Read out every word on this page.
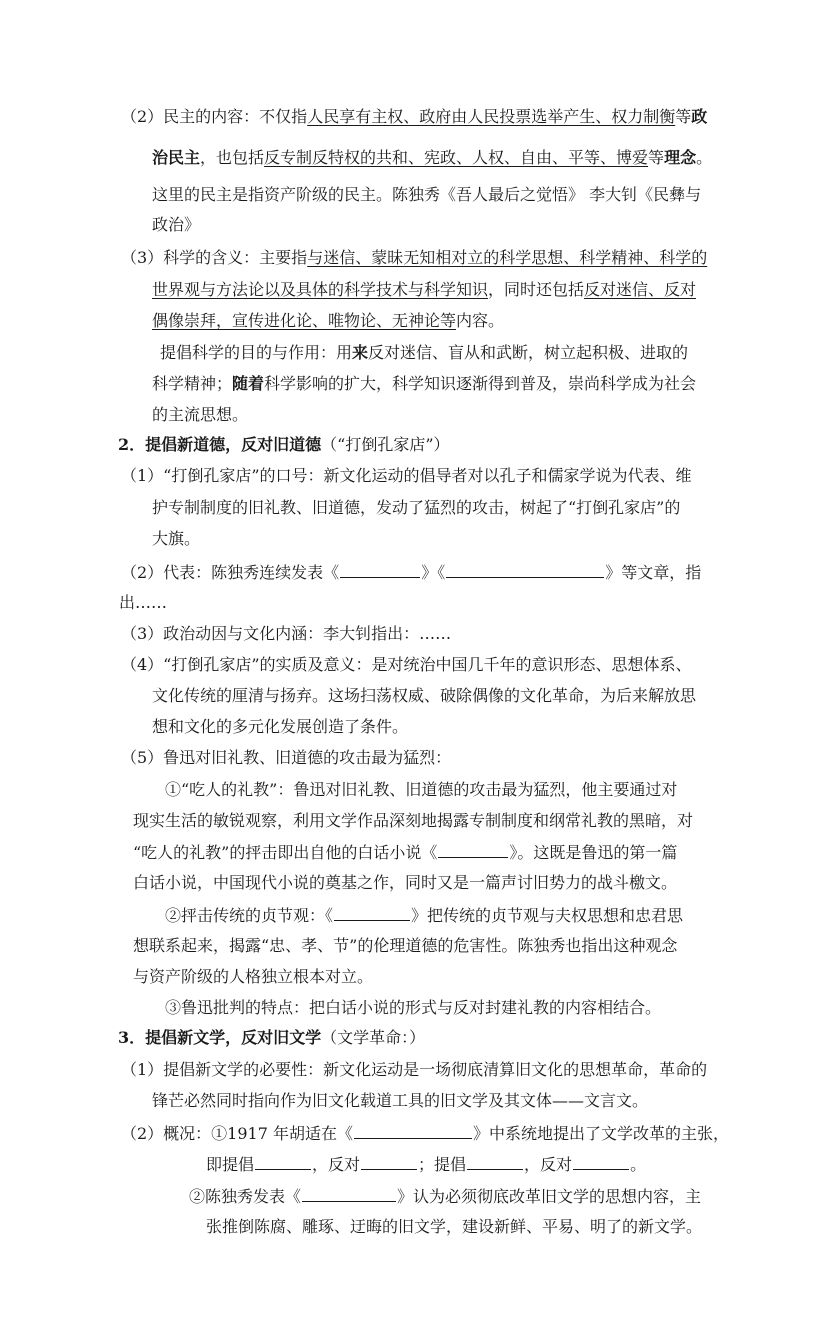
（2）民主的内容：不仅指人民享有主权、政府由人民投票选举产生、权力制衡等政
治民主，也包括反专制反特权的共和、宪政、人权、自由、平等、博爱等理念。
这里的民主是指资产阶级的民主。陈独秀《吾人最后之觉悟》 李大钊《民彝与
政治》
（3）科学的含义：主要指与迷信、蒙昧无知相对立的科学思想、科学精神、科学的
世界观与方法论以及具体的科学技术与科学知识，同时还包括反对迷信、反对
偶像崇拜，宣传进化论、唯物论、无神论等内容。
提倡科学的目的与作用：用来反对迷信、盲从和武断，树立起积极、进取的
科学精神；随着科学影响的扩大，科学知识逐渐得到普及，崇尚科学成为社会
的主流思想。
2．提倡新道德，反对旧道德（“打倒孔家店”）
（1）“打倒孔家店”的口号：新文化运动的倡导者对以孔子和儒家学说为代表、维
护专制制度的旧礼教、旧道德，发动了猛烈的攻击，树起了“打倒孔家店”的
大旗。
（2）代表：陈独秀连续发表《	》《	》等文章，指
出……
（3）政治动因与文化内涵：李大钊指出：……
（4）“打倒孔家店”的实质及意义：是对统治中国几千年的意识形态、思想体系、
文化传统的厘清与扬弃。这场扫荡权威、破除偶像的文化革命，为后来解放思
想和文化的多元化发展创造了条件。
（5）鲁迅对旧礼教、旧道德的攻击最为猛烈：
①“吃人的礼教”：鲁迅对旧礼教、旧道德的攻击最为猛烈，他主要通过对
现实生活的敏锐观察，利用文学作品深刻地揭露专制制度和纲常礼教的黑暗，对
“吃人的礼教”的抨击即出自他的白话小说《	》。这既是鲁迅的第一篇
白话小说，中国现代小说的奠基之作，同时又是一篇声讨旧势力的战斗檄文。
②抨击传统的贞节观：《	》把传统的贞节观与夫权思想和忠君思
想联系起来，揭露“忠、孝、节”的伦理道德的危害性。陈独秀也指出这种观念
与资产阶级的人格独立根本对立。
③鲁迅批判的特点：把白话小说的形式与反对封建礼教的内容相结合。
3．提倡新文学，反对旧文学（文学革命：）
（1）提倡新文学的必要性：新文化运动是一场彻底清算旧文化的思想革命，革命的
锋芒必然同时指向作为旧文化载道工具的旧文学及其文体——文言文。
（2）概况：①1917 年胡适在《	》中系统地提出了文学改革的主张，
即提倡	，反对	；提倡	，反对	。
②陈独秀发表《	》认为必须彻底改革旧文学的思想内容，主
张推倒陈腐、雕琢、迂晦的旧文学，建设新鲜、平易、明了的新文学。
